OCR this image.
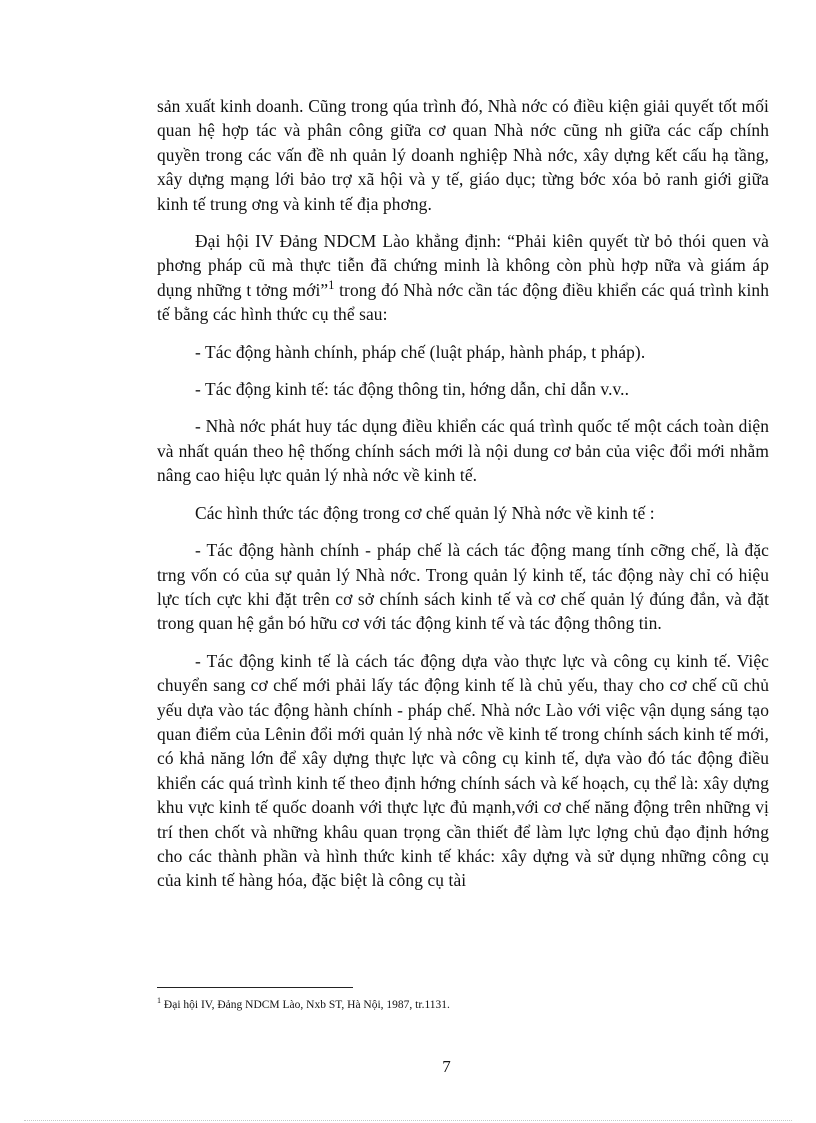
sản xuất kinh doanh. Cũng trong qúa trình đó, Nhà nớc có điều kiện giải quyết tốt mối quan hệ hợp tác và phân công giữa cơ quan Nhà nớc cũng nh giữa các cấp chính quyền trong các vấn đề nh quản lý doanh nghiệp Nhà nớc, xây dựng kết cấu hạ tầng, xây dựng mạng lới bảo trợ xã hội và y tế, giáo dục; từng bớc xóa bỏ ranh giới giữa kinh tế trung ơng và kinh tế địa phơng.

Đại hội IV Đảng NDCM Lào khẳng định: “Phải kiên quyết từ bỏ thói quen và phơng pháp cũ mà thực tiễn đã chứng minh là không còn phù hợp nữa và giám áp dụng những t tởng mới”$^1$ trong đó Nhà nớc cần tác động điều khiển các quá trình kinh tế bằng các hình thức cụ thể sau:

- Tác động hành chính, pháp chế (luật pháp, hành pháp, t pháp).

- Tác động kinh tế: tác động thông tin, hớng dẫn, chỉ dẫn v.v..

- Nhà nớc phát huy tác dụng điều khiển các quá trình quốc tế một cách toàn diện và nhất quán theo hệ thống chính sách mới là nội dung cơ bản của việc đổi mới nhằm nâng cao hiệu lực quản lý nhà nớc về kinh tế.

Các hình thức tác động trong cơ chế quản lý Nhà nớc về kinh tế :

- Tác động hành chính - pháp chế là cách tác động mang tính cỡng chế, là đặc trng vốn có của sự quản lý Nhà nớc. Trong quản lý kinh tế, tác động này chỉ có hiệu lực tích cực khi đặt trên cơ sở chính sách kinh tế và cơ chế quản lý đúng đắn, và đặt trong quan hệ gắn bó hữu cơ với tác động kinh tế và tác động thông tin.

- Tác động kinh tế là cách tác động dựa vào thực lực và công cụ kinh tế. Việc chuyển sang cơ chế mới phải lấy tác động kinh tế là chủ yếu, thay cho cơ chế cũ chủ yếu dựa vào tác động hành chính - pháp chế. Nhà nớc Lào với việc vận dụng sáng tạo quan điểm của Lênin đổi mới quản lý nhà nớc về kinh tế trong chính sách kinh tế mới, có khả năng lớn để xây dựng thực lực và công cụ kinh tế, dựa vào đó tác động điều khiển các quá trình kinh tế theo định hớng chính sách và kế hoạch, cụ thể là: xây dựng khu vực kinh tế quốc doanh với thực lực đủ mạnh,với cơ chế năng động trên những vị trí then chốt và những khâu quan trọng cần thiết để làm lực lợng chủ đạo định hớng cho các thành phần và hình thức kinh tế khác: xây dựng và sử dụng những công cụ của kinh tế hàng hóa, đặc biệt là công cụ tài

$^1$ Đại hội IV, Đảng NDCM Lào, Nxb ST, Hà Nội, 1987, tr.1131.
7
